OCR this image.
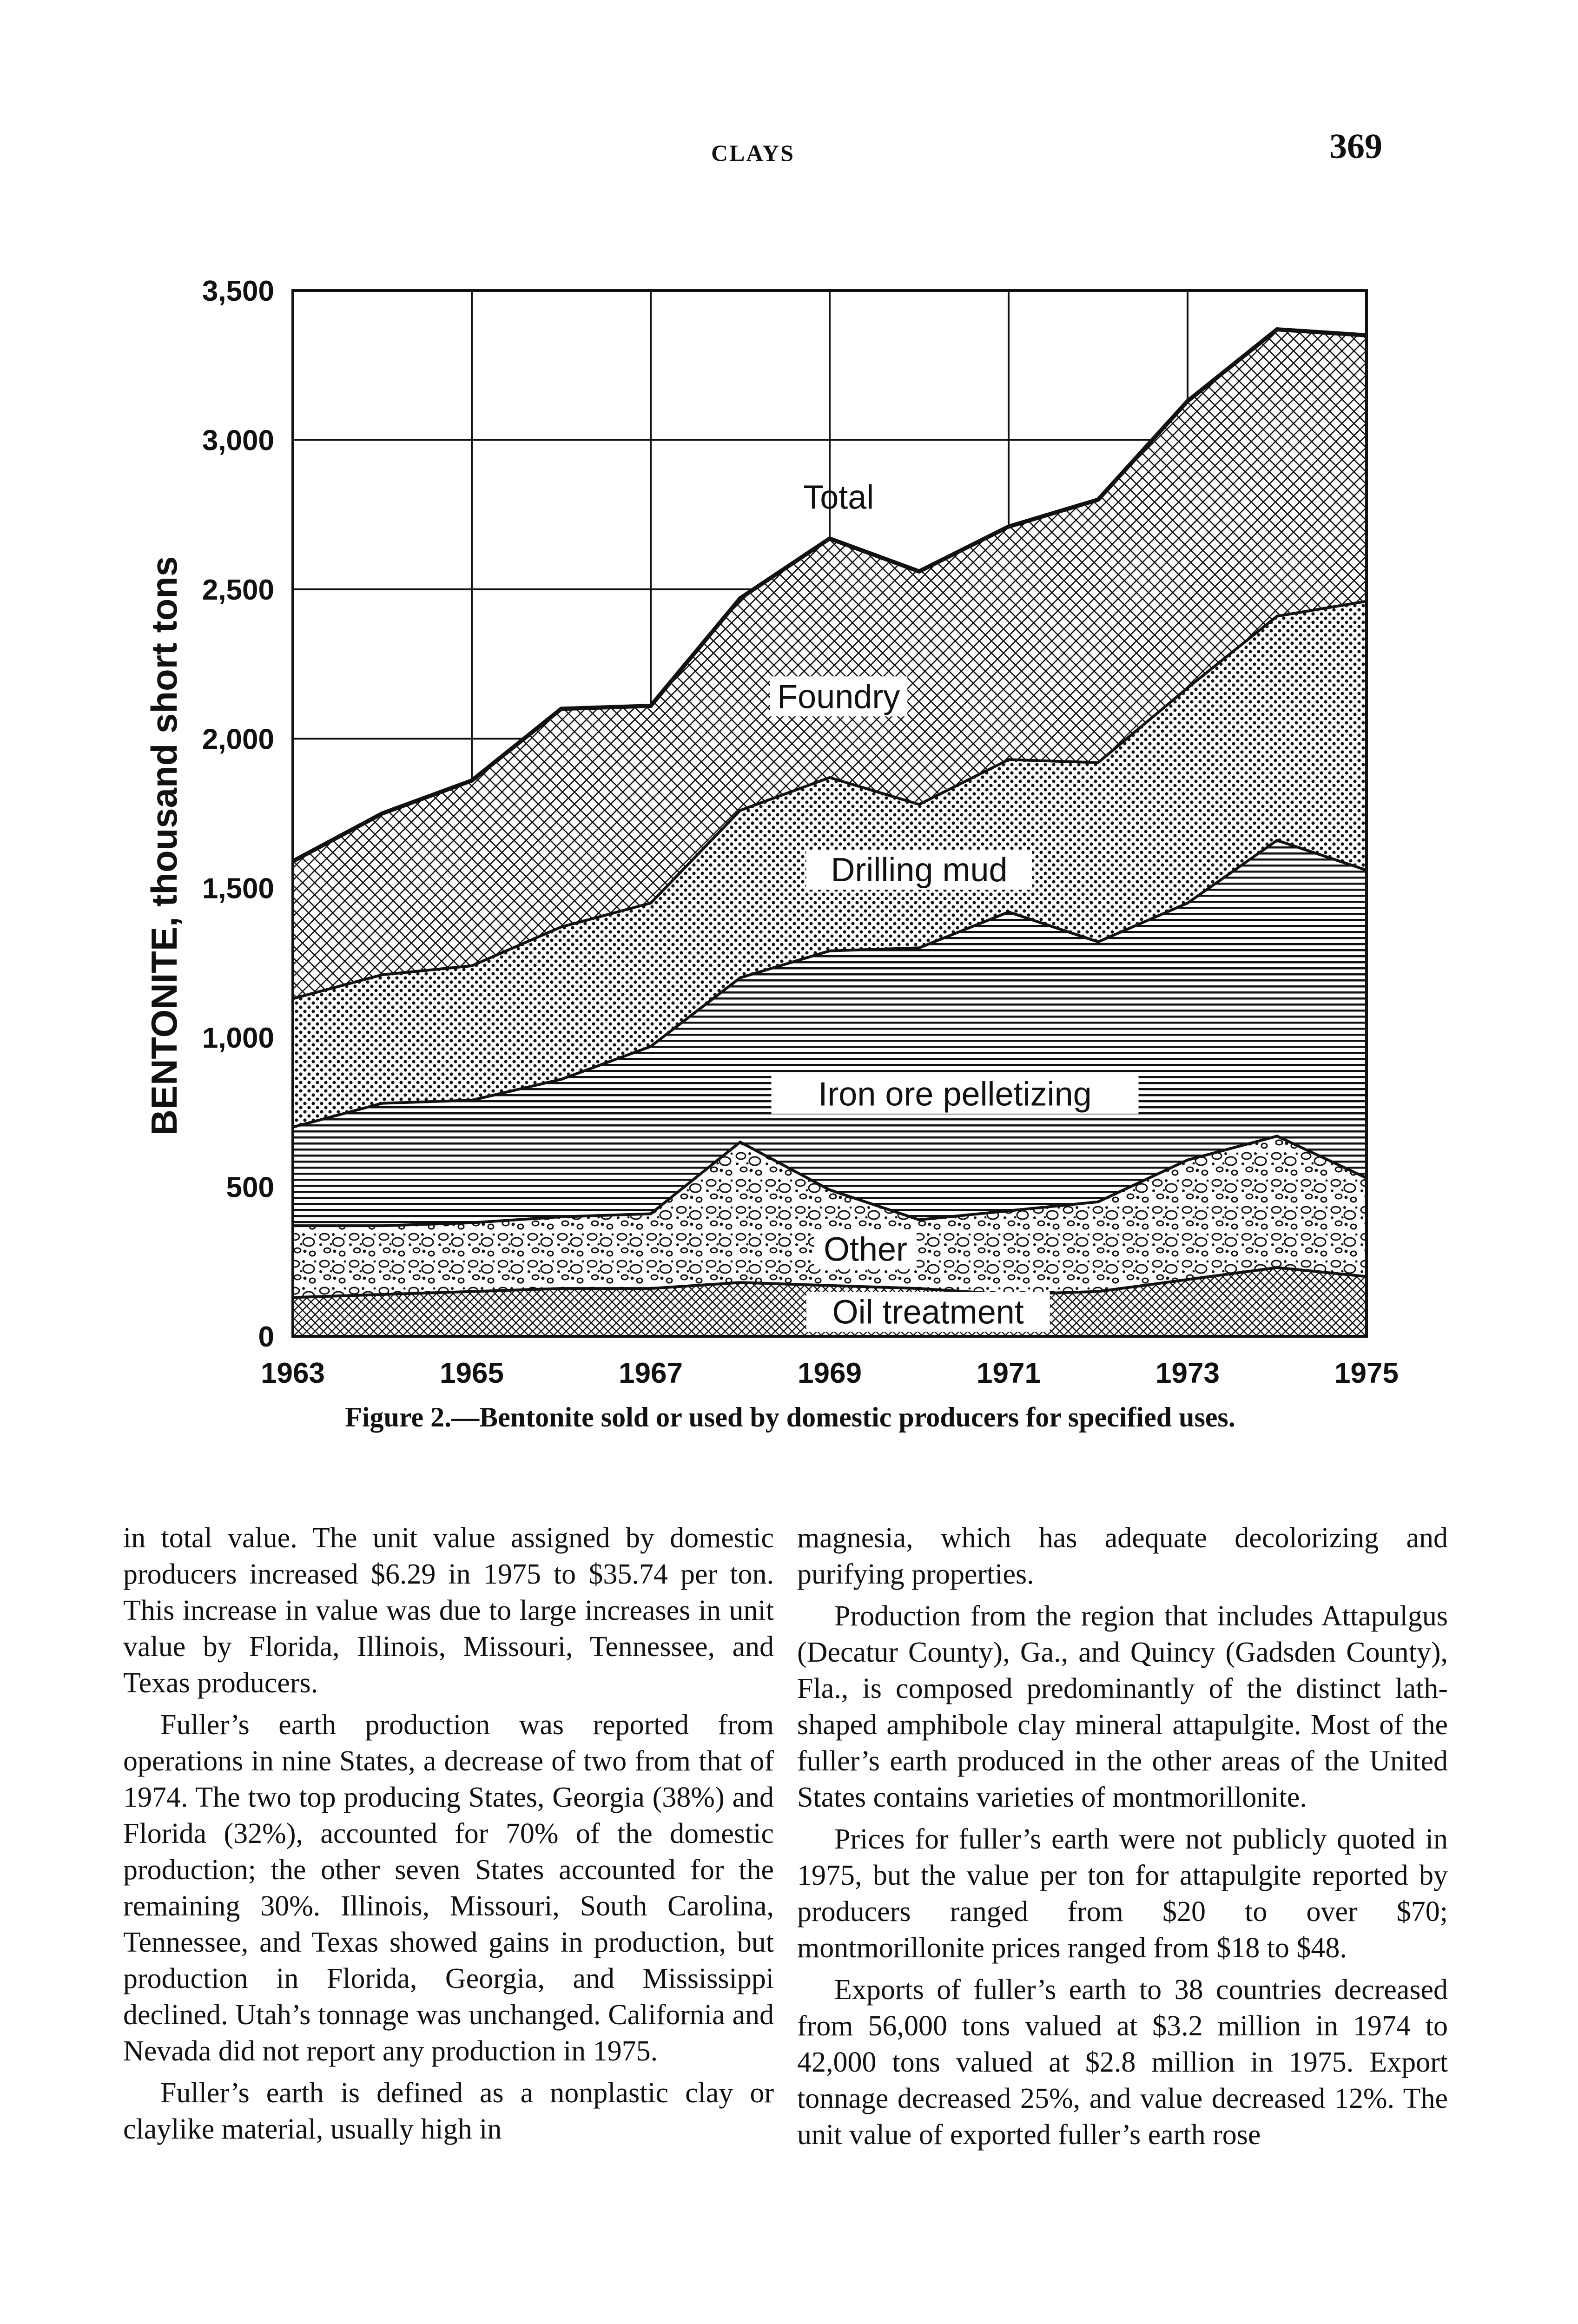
CLAYS	369
Oil treatment
Other
Iron ore pelletizing
Drilling mud
Foundry
Total
0
500
1,000
1,500
2,000
2,500
3,000
3,500
1963	1965	1967	1969	1971	1973	1975
BENTONITE, thousand short tons
Figure 2.—Bentonite sold or used by domestic producers for specified uses.

in total value. The unit value assigned by domestic producers increased $6.29 in 1975 to $35.74 per ton. This increase in value was due to large increases in unit value by Florida, Illinois, Missouri, Tennessee, and Texas producers.

Fuller’s earth production was reported from operations in nine States, a decrease of two from that of 1974. The two top producing States, Georgia (38%) and Florida (32%), accounted for 70% of the domestic production; the other seven States accounted for the remaining 30%. Illinois, Missouri, South Carolina, Tennessee, and Texas showed gains in production, but production in Florida, Georgia, and Mississippi declined. Utah’s tonnage was unchanged. California and Nevada did not report any production in 1975.

Fuller’s earth is defined as a nonplastic clay or claylike material, usually high in

magnesia, which has adequate decolorizing and purifying properties.

Production from the region that includes Attapulgus (Decatur County), Ga., and Quincy (Gadsden County), Fla., is composed predominantly of the distinct lath-shaped amphibole clay mineral attapulgite. Most of the fuller’s earth produced in the other areas of the United States contains varieties of montmorillonite.

Prices for fuller’s earth were not publicly quoted in 1975, but the value per ton for attapulgite reported by producers ranged from $20 to over $70; montmorillonite prices ranged from $18 to $48.

Exports of fuller’s earth to 38 countries decreased from 56,000 tons valued at $3.2 million in 1974 to 42,000 tons valued at $2.8 million in 1975. Export tonnage decreased 25%, and value decreased 12%. The unit value of exported fuller’s earth rose
